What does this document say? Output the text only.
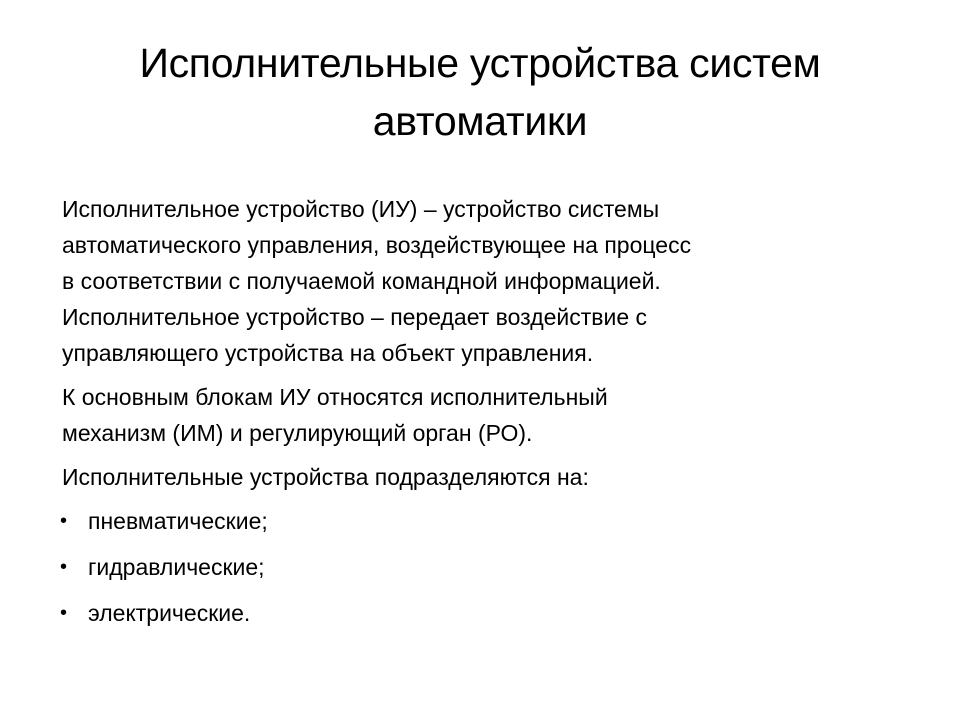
Исполнительные устройства систем
автоматики

Исполнительное устройство (ИУ) – устройство системы
автоматического управления, воздействующее на процесс
в соответствии с получаемой командной информацией.
Исполнительное устройство – передает воздействие с
управляющего устройства на объект управления.

К основным блокам ИУ относятся исполнительный
механизм (ИМ) и регулирующий орган (РО).

Исполнительные устройства подразделяются на:

• пневматические;
• гидравлические;
• электрические.
